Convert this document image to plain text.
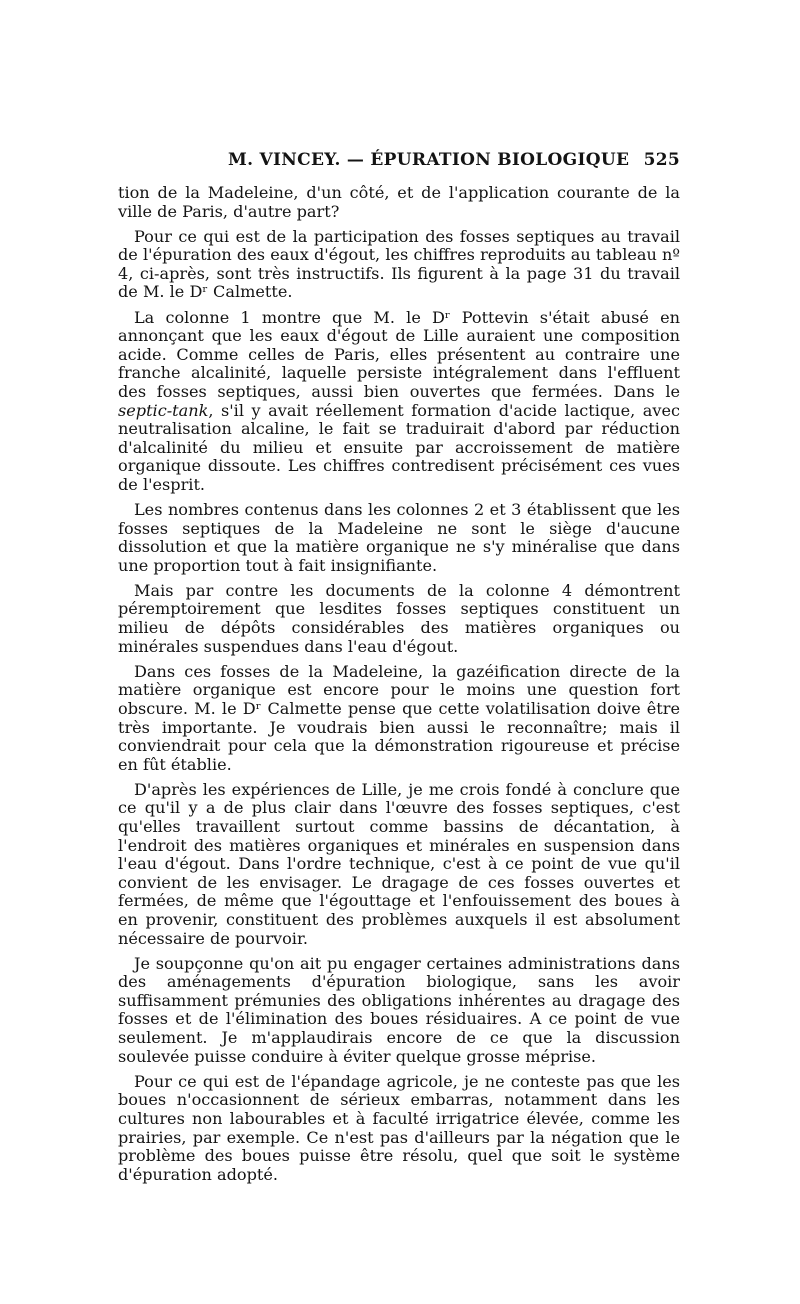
M. VINCEY. — ÉPURATION BIOLOGIQUE 525

tion de la Madeleine, d'un côté, et de l'application courante de la ville de Paris, d'autre part?

Pour ce qui est de la participation des fosses septiques au travail de l'épuration des eaux d'égout, les chiffres reproduits au tableau nº 4, ci-après, sont très instructifs. Ils figurent à la page 31 du travail de M. le Dʳ Calmette.

La colonne 1 montre que M. le Dʳ Pottevin s'était abusé en annonçant que les eaux d'égout de Lille auraient une composition acide. Comme celles de Paris, elles présentent au contraire une franche alcalinité, laquelle persiste intégralement dans l'effluent des fosses septiques, aussi bien ouvertes que fermées. Dans le septic-tank, s'il y avait réellement formation d'acide lactique, avec neutralisation alcaline, le fait se traduirait d'abord par réduction d'alcalinité du milieu et ensuite par accroissement de matière organique dissoute. Les chiffres contredisent précisément ces vues de l'esprit.

Les nombres contenus dans les colonnes 2 et 3 établissent que les fosses septiques de la Madeleine ne sont le siège d'aucune dissolution et que la matière organique ne s'y minéralise que dans une proportion tout à fait insignifiante.

Mais par contre les documents de la colonne 4 démontrent péremptoirement que lesdites fosses septiques constituent un milieu de dépôts considérables des matières organiques ou minérales suspendues dans l'eau d'égout.

Dans ces fosses de la Madeleine, la gazéification directe de la matière organique est encore pour le moins une question fort obscure. M. le Dʳ Calmette pense que cette volatilisation doive être très importante. Je voudrais bien aussi le reconnaître; mais il conviendrait pour cela que la démonstration rigoureuse et précise en fût établie.

D'après les expériences de Lille, je me crois fondé à conclure que ce qu'il y a de plus clair dans l'œuvre des fosses septiques, c'est qu'elles travaillent surtout comme bassins de décantation, à l'endroit des matières organiques et minérales en suspension dans l'eau d'égout. Dans l'ordre technique, c'est à ce point de vue qu'il convient de les envisager. Le dragage de ces fosses ouvertes et fermées, de même que l'égouttage et l'enfouissement des boues à en provenir, constituent des problèmes auxquels il est absolument nécessaire de pourvoir.

Je soupçonne qu'on ait pu engager certaines administrations dans des aménagements d'épuration biologique, sans les avoir suffisamment prémunies des obligations inhérentes au dragage des fosses et de l'élimination des boues résiduaires. A ce point de vue seulement. Je m'applaudirais encore de ce que la discussion soulevée puisse conduire à éviter quelque grosse méprise.

Pour ce qui est de l'épandage agricole, je ne conteste pas que les boues n'occasionnent de sérieux embarras, notamment dans les cultures non labourables et à faculté irrigatrice élevée, comme les prairies, par exemple. Ce n'est pas d'ailleurs par la négation que le problème des boues puisse être résolu, quel que soit le système d'épuration adopté.
